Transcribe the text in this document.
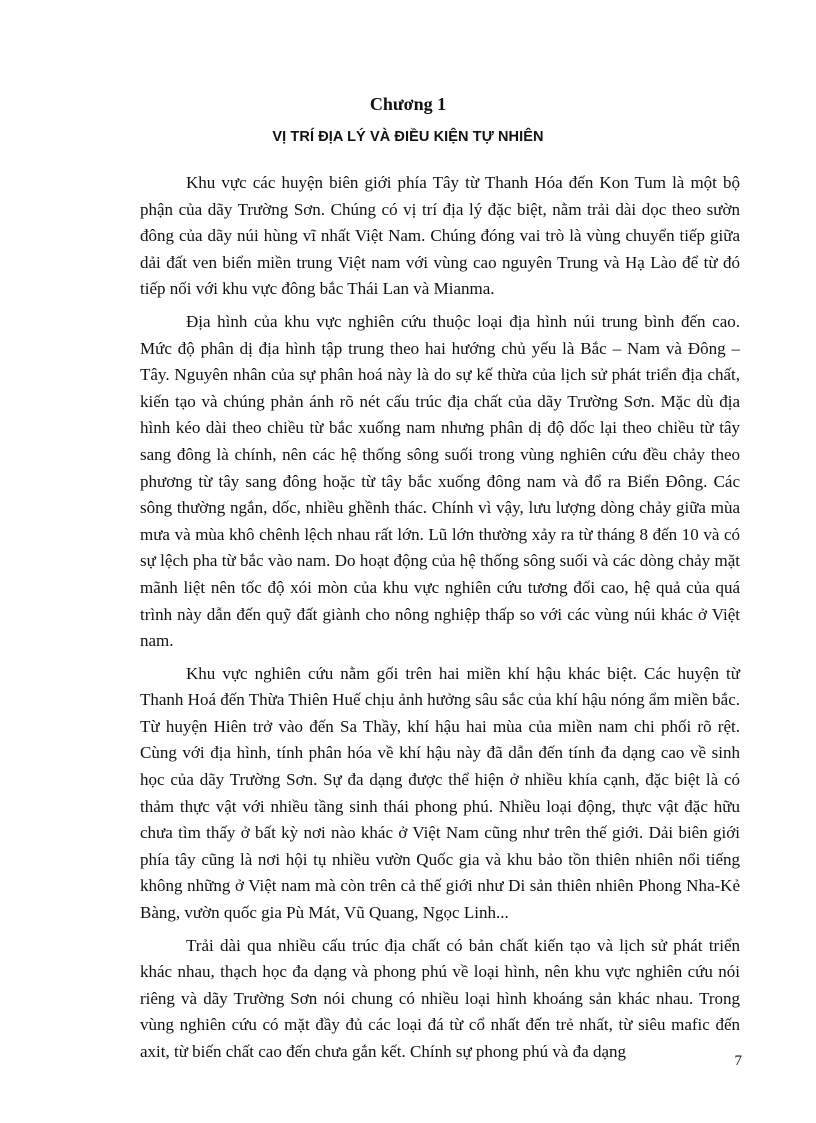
Chương 1
VỊ TRÍ ĐỊA LÝ VÀ ĐIỀU KIỆN TỰ NHIÊN

Khu vực các huyện biên giới phía Tây từ Thanh Hóa đến Kon Tum là một bộ phận của dãy Trường Sơn. Chúng có vị trí địa lý đặc biệt, nằm trải dài dọc theo sườn đông của dãy núi hùng vĩ nhất Việt Nam. Chúng đóng vai trò là vùng chuyển tiếp giữa dải đất ven biển miền trung Việt nam với vùng cao nguyên Trung và Hạ Lào để từ đó tiếp nối với khu vực đông bắc Thái Lan và Mianma.

Địa hình của khu vực nghiên cứu thuộc loại địa hình núi trung bình đến cao. Mức độ phân dị địa hình tập trung theo hai hướng chủ yếu là Bắc – Nam và Đông – Tây. Nguyên nhân của sự phân hoá này là do sự kế thừa của lịch sử phát triển địa chất, kiến tạo và chúng phản ánh rõ nét cấu trúc địa chất của dãy Trường Sơn. Mặc dù địa hình kéo dài theo chiều từ bắc xuống nam nhưng phân dị độ dốc lại theo chiều từ tây sang đông là chính, nên các hệ thống sông suối trong vùng nghiên cứu đều chảy theo phương từ tây sang đông hoặc từ tây bắc xuống đông nam và đổ ra Biển Đông. Các sông thường ngắn, dốc, nhiều ghềnh thác. Chính vì vậy, lưu lượng dòng chảy giữa mùa mưa và mùa khô chênh lệch nhau rất lớn. Lũ lớn thường xảy ra từ tháng 8 đến 10 và có sự lệch pha từ bắc vào nam. Do hoạt động của hệ thống sông suối và các dòng chảy mặt mãnh liệt nên tốc độ xói mòn của khu vực nghiên cứu tương đối cao, hệ quả của quá trình này dẫn đến quỹ đất giành cho nông nghiệp thấp so với các vùng núi khác ở Việt nam.

Khu vực nghiên cứu nằm gối trên hai miền khí hậu khác biệt. Các huyện từ Thanh Hoá đến Thừa Thiên Huế chịu ảnh hưởng sâu sắc của khí hậu nóng ẩm miền bắc. Từ huyện Hiên trở vào đến Sa Thầy, khí hậu hai mùa của miền nam chi phối rõ rệt. Cùng với địa hình, tính phân hóa về khí hậu này đã dẫn đến tính đa dạng cao về sinh học của dãy Trường Sơn. Sự đa dạng được thể hiện ở nhiều khía cạnh, đặc biệt là có thảm thực vật với nhiều tầng sinh thái phong phú. Nhiều loại động, thực vật đặc hữu chưa tìm thấy ở bất kỳ nơi nào khác ở Việt Nam cũng như trên thế giới. Dải biên giới phía tây cũng là nơi hội tụ nhiều vườn Quốc gia và khu bảo tồn thiên nhiên nổi tiếng không những ở Việt nam mà còn trên cả thế giới như Di sản thiên nhiên Phong Nha-Kẻ Bàng, vườn quốc gia Pù Mát, Vũ Quang, Ngọc Linh...

Trải dài qua nhiều cấu trúc địa chất có bản chất kiến tạo và lịch sử phát triển khác nhau, thạch học đa dạng và phong phú về loại hình, nên khu vực nghiên cứu nói riêng và dãy Trường Sơn nói chung có nhiều loại hình khoáng sản khác nhau. Trong vùng nghiên cứu có mặt đầy đủ các loại đá từ cổ nhất đến trẻ nhất, từ siêu mafic đến axit, từ biến chất cao đến chưa gắn kết. Chính sự phong phú và đa dạng	7
